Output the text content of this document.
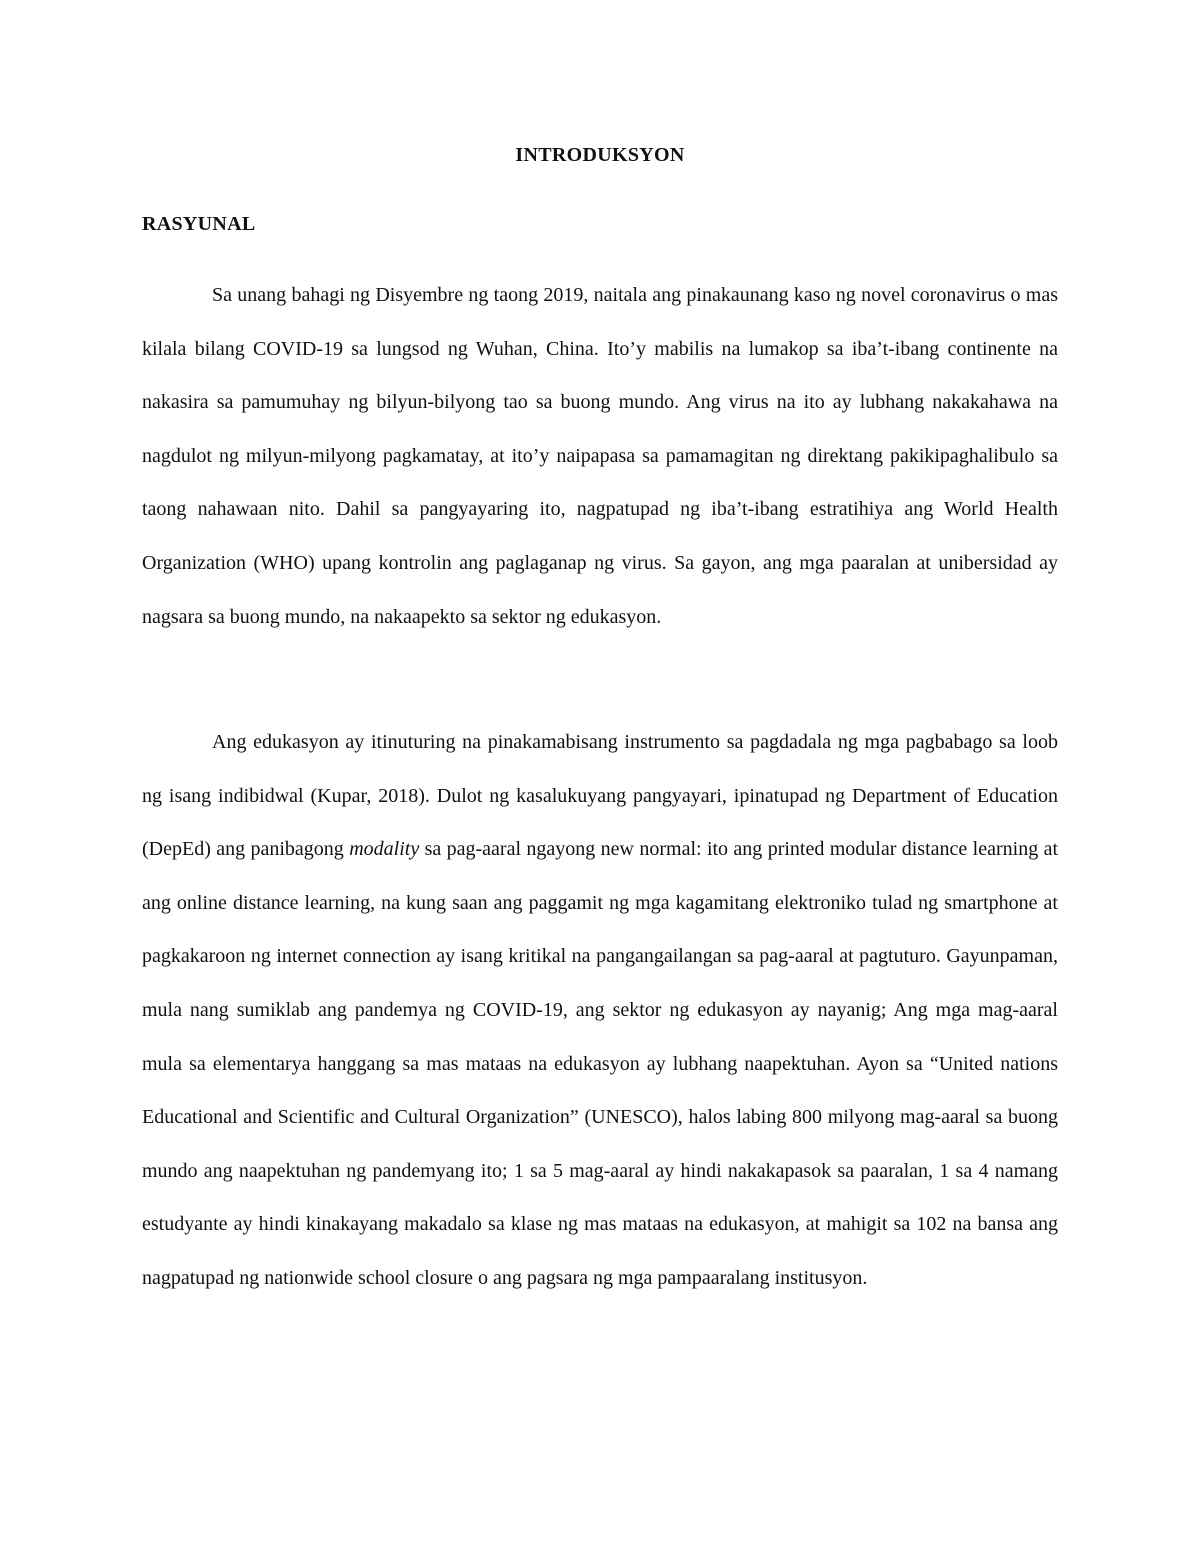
INTRODUKSYON
RASYUNAL

Sa unang bahagi ng Disyembre ng taong 2019, naitala ang pinakaunang kaso ng novel coronavirus o mas kilala bilang COVID-19 sa lungsod ng Wuhan, China. Ito’y mabilis na lumakop sa iba’t-ibang continente na nakasira sa pamumuhay ng bilyun-bilyong tao sa buong mundo. Ang virus na ito ay lubhang nakakahawa na nagdulot ng milyun-milyong pagkamatay, at ito’y naipapasa sa pamamagitan ng direktang pakikipaghalibulo sa taong nahawaan nito. Dahil sa pangyayaring ito, nagpatupad ng iba’t-ibang estratihiya ang World Health Organization (WHO) upang kontrolin ang paglaganap ng virus. Sa gayon, ang mga paaralan at unibersidad ay nagsara sa buong mundo, na nakaapekto sa sektor ng edukasyon.

Ang edukasyon ay itinuturing na pinakamabisang instrumento sa pagdadala ng mga pagbabago sa loob ng isang indibidwal (Kupar, 2018). Dulot ng kasalukuyang pangyayari, ipinatupad ng Department of Education (DepEd) ang panibagong modality sa pag-aaral ngayong new normal: ito ang printed modular distance learning at ang online distance learning, na kung saan ang paggamit ng mga kagamitang elektroniko tulad ng smartphone at pagkakaroon ng internet connection ay isang kritikal na pangangailangan sa pag-aaral at pagtuturo. Gayunpaman, mula nang sumiklab ang pandemya ng COVID-19, ang sektor ng edukasyon ay nayanig; Ang mga mag-aaral mula sa elementarya hanggang sa mas mataas na edukasyon ay lubhang naapektuhan. Ayon sa “United nations Educational and Scientific and Cultural Organization” (UNESCO), halos labing 800 milyong mag-aaral sa buong mundo ang naapektuhan ng pandemyang ito; 1 sa 5 mag-aaral ay hindi nakakapasok sa paaralan, 1 sa 4 namang estudyante ay hindi kinakayang makadalo sa klase ng mas mataas na edukasyon, at mahigit sa 102 na bansa ang nagpatupad ng nationwide school closure o ang pagsara ng mga pampaaralang institusyon.
